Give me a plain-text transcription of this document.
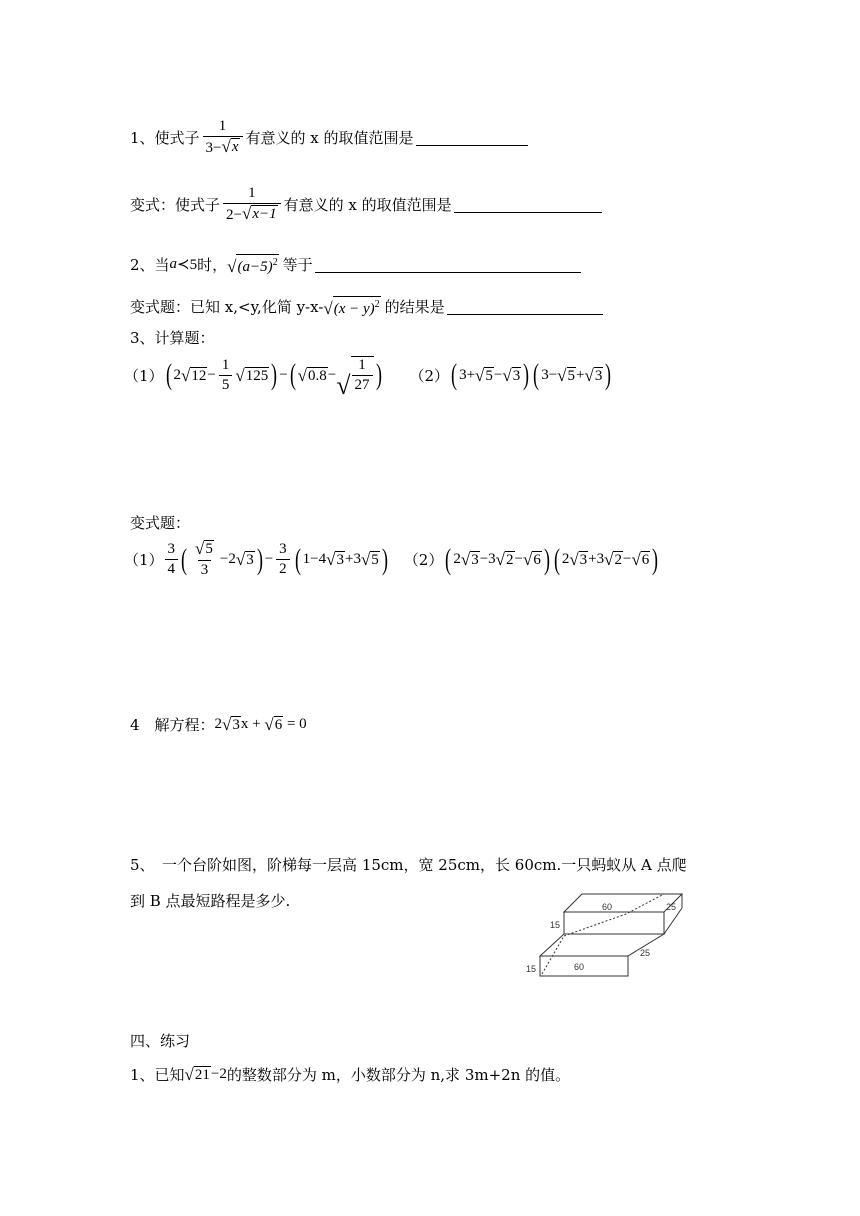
1、使式子 $\frac{1}{3- √ x}$ 有意义的 x 的取值范围是
变式：使式子 $\frac{1}{2- √ x-1}$ 有意义的 x 的取值范围是
2、当 a ≺5 时， √ $(a-5)^2$ 等于
变式题：已知 x,<y,化简 y-x- √ $(x - y)^2$ 的结果是
3、计算题：
（1） ( 2 √ $12 - \frac{1}{5}$ √ 125 ) − ( √ 0.8 − √ $\frac{1}{27}$ ) （2） ( 3+ √ 5 − √ 3 ) ( 3− √ 5 + √ 3 )
变式题：
$(1) \frac{3}{4}$ ( $\frac{√ 5}{3} -2$ √ 3 ) − $\frac{3}{2}$ ( 1−4 √ 3 +3 √ 5 ) （2） ( 2 √ 3 −3 √ 2 − √ 6 ) ( 2 √ 3 +3 √ 2 − √ 6 )
4　解方程： 2 √ 3 x + √ 6 = 0
5、　一个台阶如图，阶梯每一层高 15cm，宽 25cm，长 60cm.一只蚂蚁从 A 点爬
到 B 点最短路程是多少.	60	25
15
60
25
15
四、练习
1、已知 √ 21 −2 的整数部分为 m，小数部分为 n,求 3m+2n 的值。
